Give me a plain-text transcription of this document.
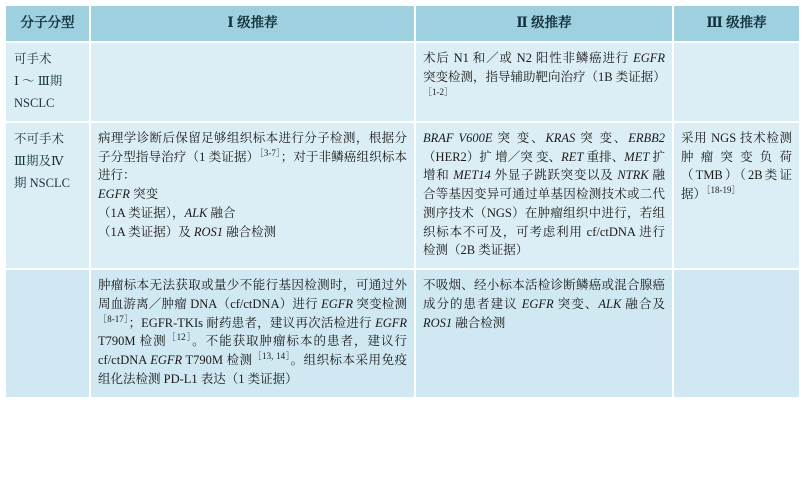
分子分型	Ⅰ 级推荐	Ⅱ 级推荐	Ⅲ 级推荐

可手术
Ⅰ ～ Ⅲ期
NSCLC		术后 N1 和／或 N2 阳性非鳞癌进行 EGFR 突变检测，指导辅助靶向治疗（1B 类证据）$^{[1-2]}$	

不可手术
Ⅲ期及Ⅳ
期 NSCLC	病理学诊断后保留足够组织标本进行分子检测，根据分子分型指导治疗（1 类证据）$^{[3-7]}$；对于非鳞癌组织标本进行：
EGFR 突变
（1A 类证据），ALK 融合
（1A 类证据）及 ROS1 融合检测	BRAF V600E 突 变、KRAS 突 变、ERBB2（HER2）扩 增／突 变、RET 重排、MET 扩增和 MET14 外显子跳跃突变以及 NTRK 融合等基因变异可通过单基因检测技术或二代测序技术（NGS）在肿瘤组织中进行，若组织标本不可及，可考虑利用 cf/ctDNA 进行检测（2B 类证据）	采用 NGS 技术检测肿瘤突变负荷（TMB）（2B类证据）$^{[18-19]}$
	肿瘤标本无法获取或量少不能行基因检测时，可通过外周血游离／肿瘤 DNA（cf/ctDNA）进行 EGFR 突变检测$^{[8-17]}$；EGFR-TKIs 耐药患者，建议再次活检进行 EGFR T790M 检测$^{[12]}$。不能获取肿瘤标本的患者，建议行 cf/ctDNA EGFR T790M 检测$^{[13, 14]}$。组织标本采用免疫组化法检测 PD-L1 表达（1 类证据）	不吸烟、经小标本活检诊断鳞癌或混合腺癌成分的患者建议 EGFR 突变、ALK 融合及 ROS1 融合检测	
